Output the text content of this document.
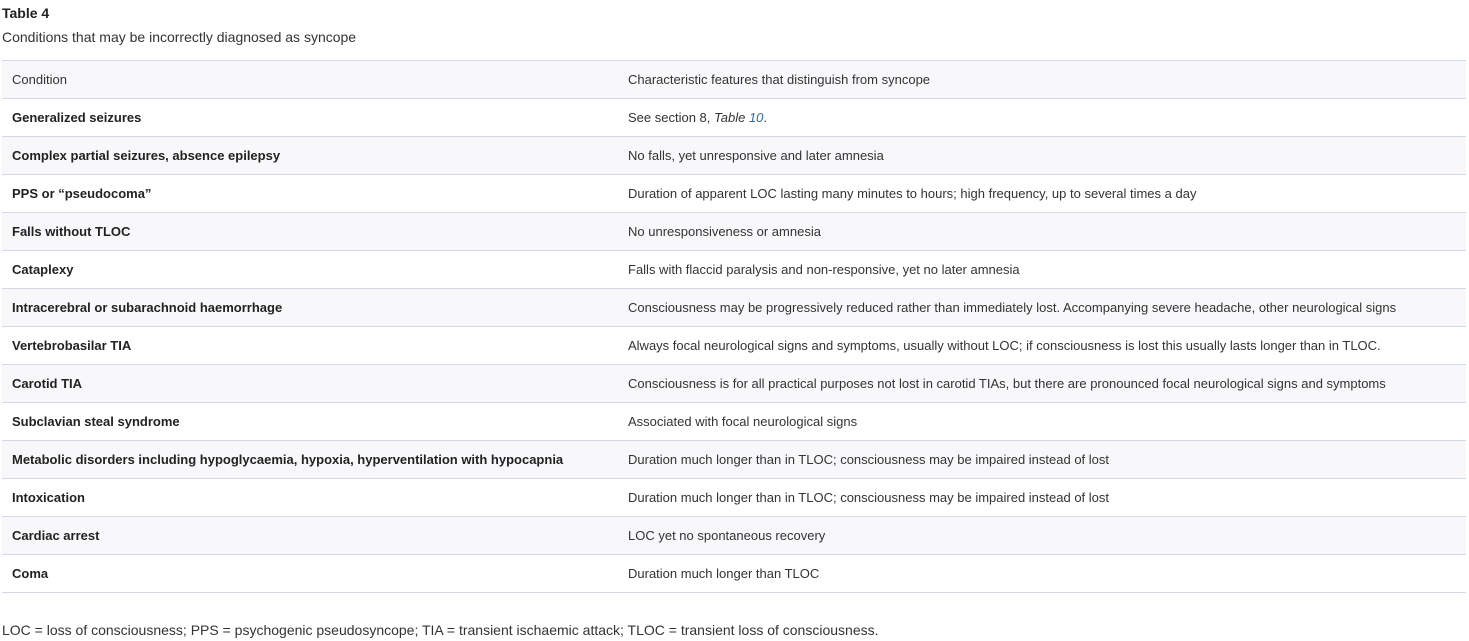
Table 4
Conditions that may be incorrectly diagnosed as syncope
Condition	Characteristic features that distinguish from syncope
Generalized seizures	See section 8, Table 10.
Complex partial seizures, absence epilepsy	No falls, yet unresponsive and later amnesia
PPS or “pseudocoma”	Duration of apparent LOC lasting many minutes to hours; high frequency, up to several times a day
Falls without TLOC	No unresponsiveness or amnesia
Cataplexy	Falls with flaccid paralysis and non-responsive, yet no later amnesia
Intracerebral or subarachnoid haemorrhage	Consciousness may be progressively reduced rather than immediately lost. Accompanying severe headache, other neurological signs
Vertebrobasilar TIA	Always focal neurological signs and symptoms, usually without LOC; if consciousness is lost this usually lasts longer than in TLOC.
Carotid TIA	Consciousness is for all practical purposes not lost in carotid TIAs, but there are pronounced focal neurological signs and symptoms
Subclavian steal syndrome	Associated with focal neurological signs
Metabolic disorders including hypoglycaemia, hypoxia, hyperventilation with hypocapnia	Duration much longer than in TLOC; consciousness may be impaired instead of lost
Intoxication	Duration much longer than in TLOC; consciousness may be impaired instead of lost
Cardiac arrest	LOC yet no spontaneous recovery
Coma	Duration much longer than TLOC
LOC = loss of consciousness; PPS = psychogenic pseudosyncope; TIA = transient ischaemic attack; TLOC = transient loss of consciousness.
